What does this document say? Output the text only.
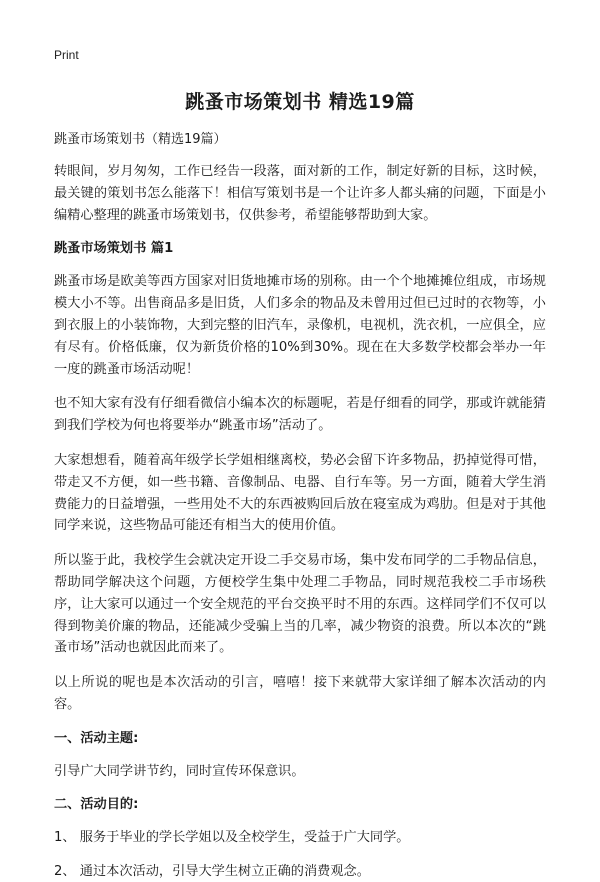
Print
跳蚤市场策划书 精选19篇
跳蚤市场策划书（精选19篇）

转眼间，岁月匆匆，工作已经告一段落，面对新的工作，制定好新的目标，这时候，最关键的策划书怎么能落下！相信写策划书是一个让许多人都头痛的问题，下面是小编精心整理的跳蚤市场策划书，仅供参考，希望能够帮助到大家。

跳蚤市场策划书 篇1

跳蚤市场是欧美等西方国家对旧货地摊市场的别称。由一个个地摊摊位组成，市场规模大小不等。出售商品多是旧货，人们多余的物品及未曾用过但已过时的衣物等，小到衣服上的小装饰物，大到完整的旧汽车，录像机，电视机，洗衣机，一应俱全，应有尽有。价格低廉，仅为新货价格的10%到30%。现在在大多数学校都会举办一年一度的跳蚤市场活动呢！

也不知大家有没有仔细看微信小编本次的标题呢，若是仔细看的同学，那或许就能猜到我们学校为何也将要举办“跳蚤市场”活动了。

大家想想看，随着高年级学长学姐相继离校，势必会留下许多物品，扔掉觉得可惜，带走又不方便，如一些书籍、音像制品、电器、自行车等。另一方面，随着大学生消费能力的日益增强，一些用处不大的东西被购回后放在寝室成为鸡肋。但是对于其他同学来说，这些物品可能还有相当大的使用价值。

所以鉴于此，我校学生会就决定开设二手交易市场，集中发布同学的二手物品信息，帮助同学解决这个问题，方便校学生集中处理二手物品，同时规范我校二手市场秩序，让大家可以通过一个安全规范的平台交换平时不用的东西。这样同学们不仅可以得到物美价廉的物品，还能减少受骗上当的几率，减少物资的浪费。所以本次的“跳蚤市场”活动也就因此而来了。

以上所说的呢也是本次活动的引言，嘻嘻！接下来就带大家详细了解本次活动的内容。

一、活动主题:
引导广大同学讲节约，同时宣传环保意识。
二、活动目的:
1、 服务于毕业的学长学姐以及全校学生，受益于广大同学。
2、 通过本次活动，引导大学生树立正确的消费观念。
